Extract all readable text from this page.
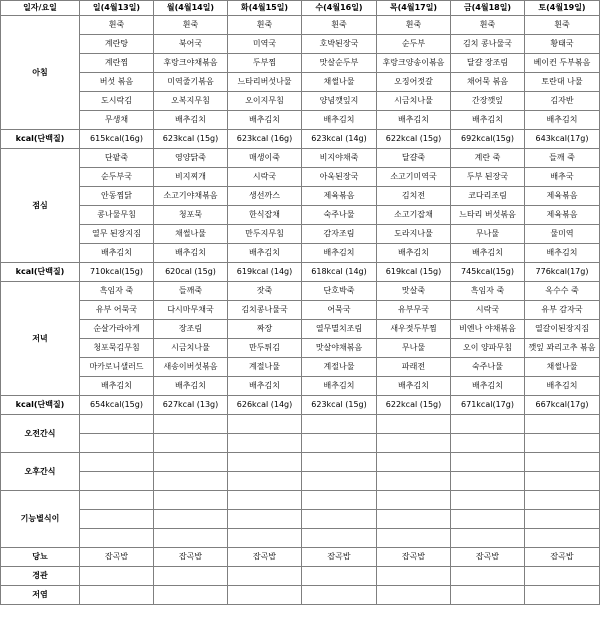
일자/요일	일(4월13일)	월(4월14일)	화(4월15일)	수(4월16일)	목(4월17일)	금(4월18일)	토(4월19일)
아침	흰죽	흰죽	흰죽	흰죽	흰죽	흰죽	흰죽
	계란탕	북어국	미역국	호박된장국	순두부	김치 콩나물국	황태국
	계란찜	후랑크야채볶음	두부찜	맛살순두부	후랑크양송이볶음	달걀 장조림	베이컨 두부볶음
	버섯 볶음	미역줄기볶음	느타리버섯나물	채썰나물	오징어젓갈	채어묵 볶음	토란대 나물
	도시락김	오복지무침	오이지무침	양념깻잎지	시금치나물	간장깻잎	김자반
	무생채	배추김치	배추김치	배추김치	배추김치	배추김치	배추김치
kcal(단백질)	615kcal(16g)	623kcal (15g)	623kcal (16g)	623kcal (14g)	622kcal (15g)	692kcal(15g)	643kcal(17g)
점심	단팥죽	영양닭죽	매생이죽	비지야채죽	달걀죽	계란 죽	들깨 죽
	순두부국	비지찌개	시락국	아욱된장국	소고기미역국	두부 된장국	배추국
	안동찜닭	소고기야채볶음	생선까스	제육볶음	김치전	코다리조림	제육볶음
	콩나물무침	청포묵	한식잡채	숙주나물	소고기잡채	느타리 버섯볶음	제육볶음
	열무 된장지짐	채썰나물	만두지무침	감자조림	도라지나물	무나물	물미역
	배추김치	배추김치	배추김치	배추김치	배추김치	배추김치	배추김치
kcal(단백질)	710kcal(15g)	620cal (15g)	619kcal (14g)	618kcal (14g)	619kcal (15g)	745kcal(15g)	776kcal(17g)
저녁	흑임자 죽	들깨죽	잣죽	단호박죽	맛살죽	흑임자 죽	옥수수 죽
	유부 어묵국	다시마무채국	김치콩나물국	어묵국	유부무국	시락국	유부 감자국
	순살가라아게	장조림	짜장	열무멸치조림	새우젓두부찜	비엔나 야채볶음	열갈이된장지짐
	청포묵김무침	시금치나물	만두튀김	맛살야채볶음	무나물	오이 양파무침	깻잎 꽈리고추 볶음
	마카로니샐러드	새송이버섯볶음	계절나물	계절나물	파래전	숙주나물	채썰나물
	배추김치	배추김치	배추김치	배추김치	배추김치	배추김치	배추김치
kcal(단백질)	654kcal(15g)	627kcal (13g)	626kcal (14g)	623kcal (15g)	622kcal (15g)	671kcal(17g)	667kcal(17g)
오전간식							

오후간식							

기능별식이							

당뇨	잡곡밥	잡곡밥	잡곡밥	잡곡밥	잡곡밥	잡곡밥	잡곡밥
경관							
저염							
